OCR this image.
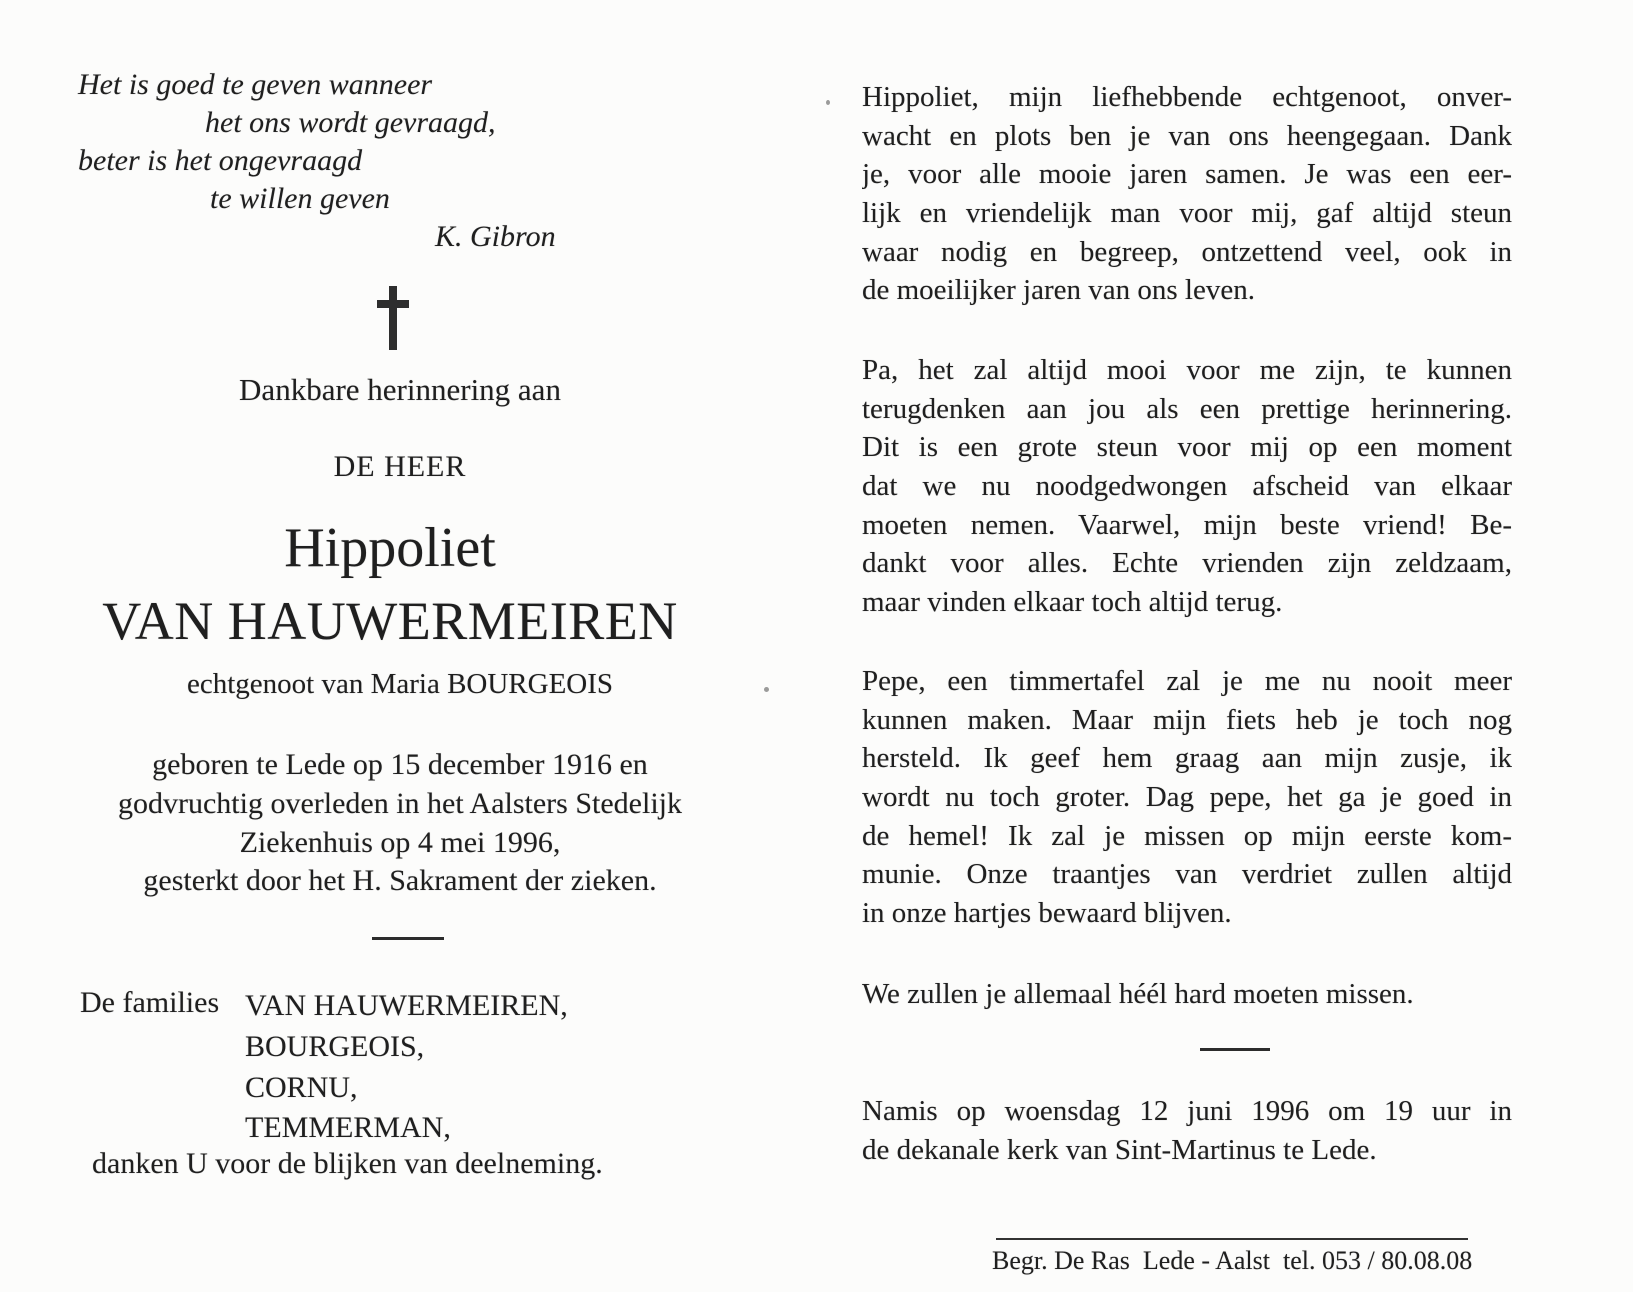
Het is goed te geven wanneer
het ons wordt gevraagd,
beter is het ongevraagd
te willen geven
K. Gibron
Dankbare herinnering aan
DE HEER
Hippoliet
VAN HAUWERMEIREN
echtgenoot van Maria BOURGEOIS
geboren te Lede op 15 december 1916 en
godvruchtig overleden in het Aalsters Stedelijk
Ziekenhuis op 4 mei 1996,
gesterkt door het H. Sakrament der zieken.
De families VAN HAUWERMEIREN,
BOURGEOIS,
CORNU,
TEMMERMAN,
danken U voor de blijken van deelneming.
Hippoliet, mijn liefhebbende echtgenoot, onver-
wacht en plots ben je van ons heengegaan. Dank
je, voor alle mooie jaren samen. Je was een eer-
lijk en vriendelijk man voor mij, gaf altijd steun
waar nodig en begreep, ontzettend veel, ook in
de moeilijker jaren van ons leven.
Pa, het zal altijd mooi voor me zijn, te kunnen
terugdenken aan jou als een prettige herinnering.
Dit is een grote steun voor mij op een moment
dat we nu noodgedwongen afscheid van elkaar
moeten nemen. Vaarwel, mijn beste vriend! Be-
dankt voor alles. Echte vrienden zijn zeldzaam,
maar vinden elkaar toch altijd terug.
Pepe, een timmertafel zal je me nu nooit meer
kunnen maken. Maar mijn fiets heb je toch nog
hersteld. Ik geef hem graag aan mijn zusje, ik
wordt nu toch groter. Dag pepe, het ga je goed in
de hemel! Ik zal je missen op mijn eerste kom-
munie. Onze traantjes van verdriet zullen altijd
in onze hartjes bewaard blijven.
We zullen je allemaal héél hard moeten missen.
Namis op woensdag 12 juni 1996 om 19 uur in
de dekanale kerk van Sint-Martinus te Lede.
Begr. De Ras  Lede - Aalst  tel. 053 / 80.08.08
